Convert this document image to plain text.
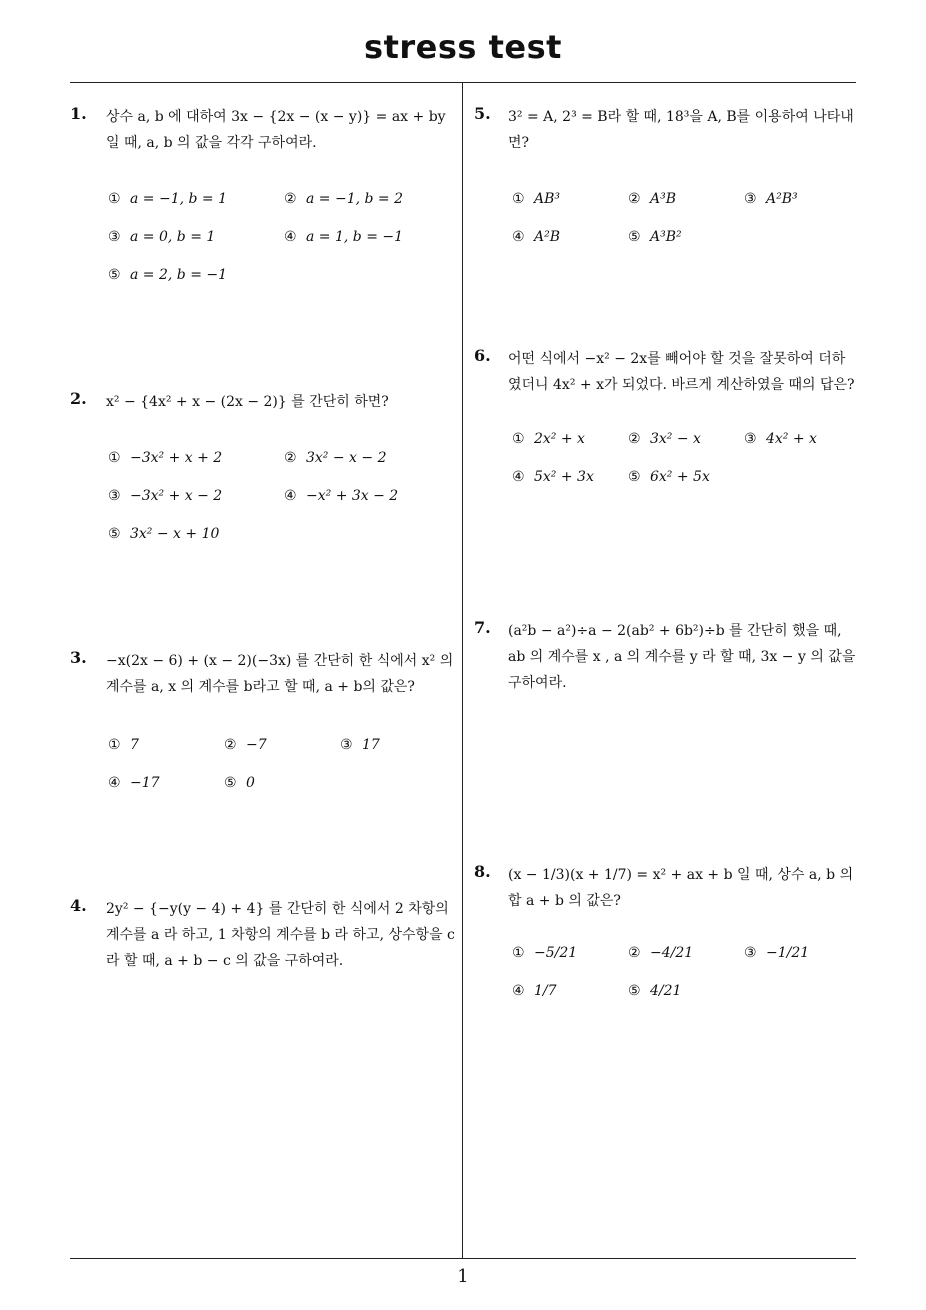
stress test
1. 상수 a, b 에 대하여 3x − {2x − (x − y)} = ax + by 일 때, a, b 의 값을 각각 구하여라.
① a = −1, b = 1	② a = −1, b = 2
③ a = 0, b = 1	④ a = 1, b = −1
⑤ a = 2, b = −1
2. x² − {4x² + x − (2x − 2)} 를 간단히 하면?
① −3x² + x + 2	② 3x² − x − 2
③ −3x² + x − 2	④ −x² + 3x − 2
⑤ 3x² − x + 10
3. −x(2x − 6) + (x − 2)(−3x) 를 간단히 한 식에서 x² 의 계수를 a, x 의 계수를 b라고 할 때, a + b의 값은?
① 7	② −7	③ 17
④ −17	⑤ 0
4. 2y² − {−y(y − 4) + 4} 를 간단히 한 식에서 2 차항의 계수를 a 라 하고, 1 차항의 계수를 b 라 하고, 상수항을 c 라 할 때, a + b − c 의 값을 구하여라.
5. 3² = A, 2³ = B라 할 때, 18³을 A, B를 이용하여 나타내면?
① AB³	② A³B	③ A²B³
④ A²B	⑤ A³B²
6. 어떤 식에서 −x² − 2x를 빼어야 할 것을 잘못하여 더하였더니 4x² + x가 되었다. 바르게 계산하였을 때의 답은?
① 2x² + x	② 3x² − x	③ 4x² + x
④ 5x² + 3x	⑤ 6x² + 5x
7. (a²b − a²)÷a − 2(ab² + 6b²)÷b 를 간단히 했을 때, ab 의 계수를 x , a 의 계수를 y 라 할 때, 3x − y 의 값을 구하여라.
8. (x − 1/3)(x + 1/7) = x² + ax + b 일 때, 상수 a, b 의 합 a + b 의 값은?
① −5/21	② −4/21	③ −1/21
④ 1/7	⑤ 4/21
1
